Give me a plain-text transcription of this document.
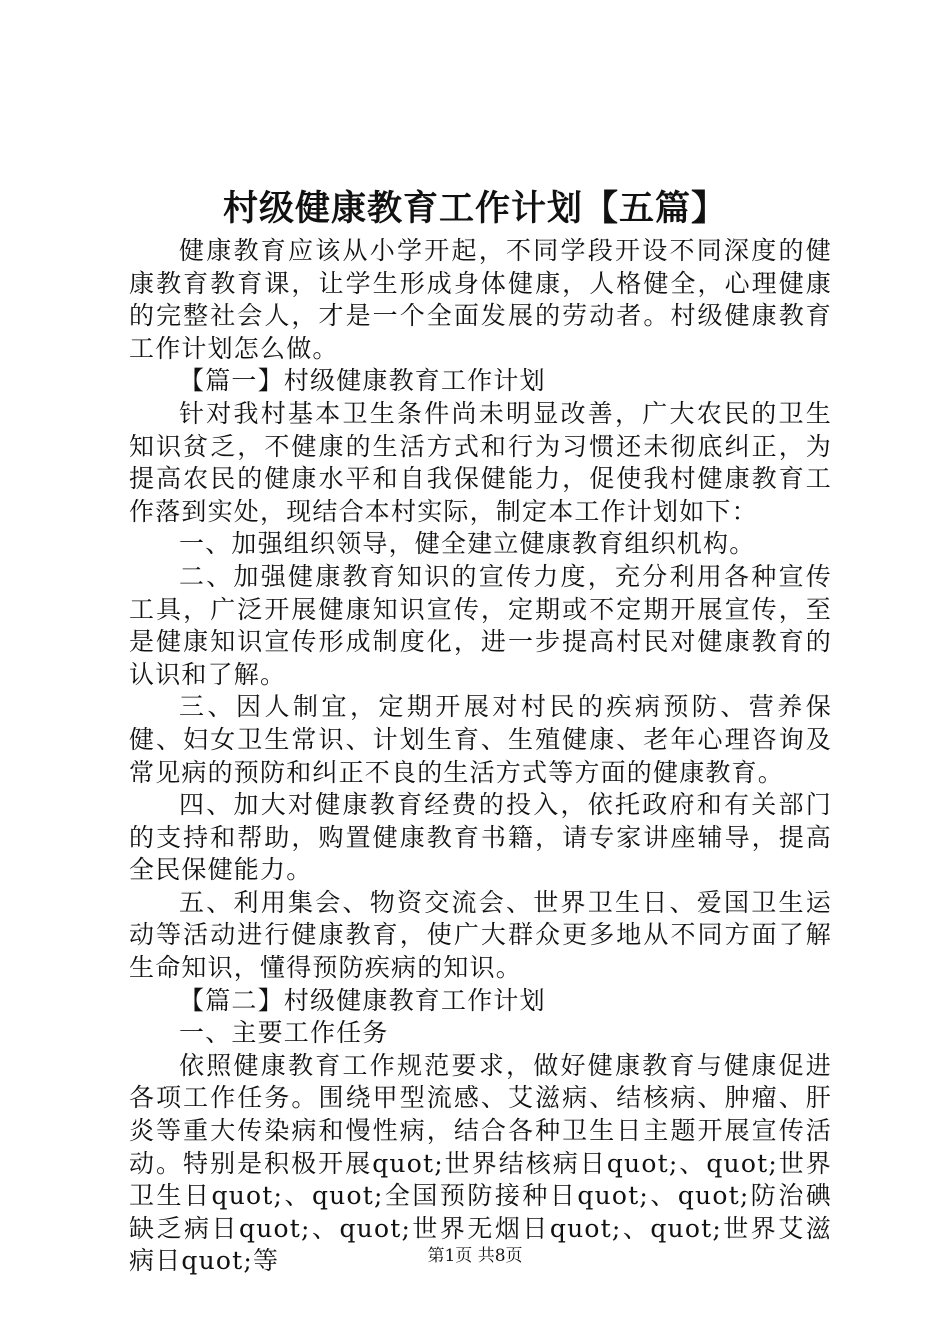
村级健康教育工作计划【五篇】

健康教育应该从小学开起，不同学段开设不同深度的健康教育教育课，让学生形成身体健康，人格健全，心理健康的完整社会人，才是一个全面发展的劳动者。村级健康教育工作计划怎么做。

【篇一】村级健康教育工作计划

针对我村基本卫生条件尚未明显改善，广大农民的卫生知识贫乏，不健康的生活方式和行为习惯还未彻底纠正，为提高农民的健康水平和自我保健能力，促使我村健康教育工作落到实处，现结合本村实际，制定本工作计划如下：

一、加强组织领导，健全建立健康教育组织机构。

二、加强健康教育知识的宣传力度，充分利用各种宣传工具，广泛开展健康知识宣传，定期或不定期开展宣传，至是健康知识宣传形成制度化，进一步提高村民对健康教育的认识和了解。

三、因人制宜，定期开展对村民的疾病预防、营养保健、妇女卫生常识、计划生育、生殖健康、老年心理咨询及常见病的预防和纠正不良的生活方式等方面的健康教育。

四、加大对健康教育经费的投入，依托政府和有关部门的支持和帮助，购置健康教育书籍，请专家讲座辅导，提高全民保健能力。

五、利用集会、物资交流会、世界卫生日、爱国卫生运动等活动进行健康教育，使广大群众更多地从不同方面了解生命知识，懂得预防疾病的知识。

【篇二】村级健康教育工作计划

一、主要工作任务

依照健康教育工作规范要求，做好健康教育与健康促进各项工作任务。围绕甲型流感、艾滋病、结核病、肿瘤、肝炎等重大传染病和慢性病，结合各种卫生日主题开展宣传活动。特别是积极开展quot;世界结核病日quot;、quot;世界卫生日quot;、quot;全国预防接种日quot;、quot;防治碘缺乏病日quot;、quot;世界无烟日quot;、quot;世界艾滋病日quot;等	第1页 共8页
